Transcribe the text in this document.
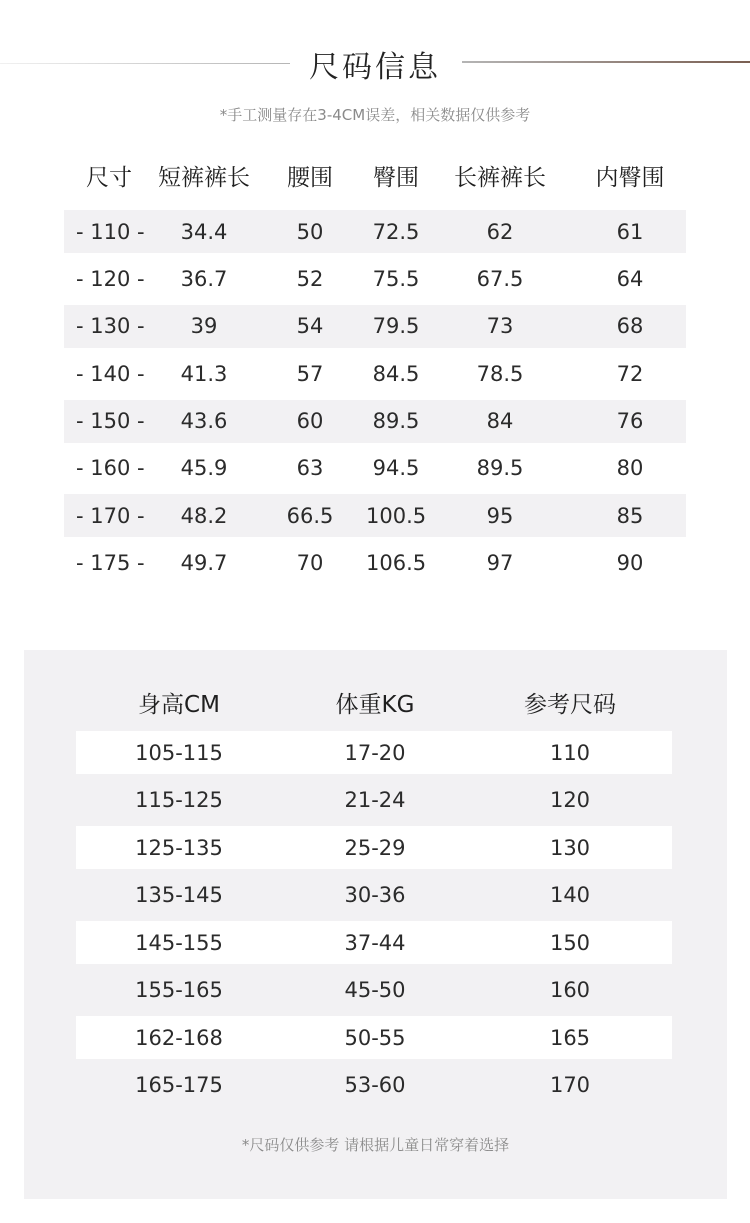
尺码信息
*手工测量存在3-4CM误差，相关数据仅供参考
尺寸	短裤裤长	腰围	臀围	长裤裤长	内臀围
- 110 -	34.4	50	72.5	62	61
- 120 -	36.7	52	75.5	67.5	64
- 130 -	39	54	79.5	73	68
- 140 -	41.3	57	84.5	78.5	72
- 150 -	43.6	60	89.5	84	76
- 160 -	45.9	63	94.5	89.5	80
- 170 -	48.2	66.5	100.5	95	85
- 175 -	49.7	70	106.5	97	90
身高CM	体重KG	参考尺码
105-115	17-20	110
115-125	21-24	120
125-135	25-29	130
135-145	30-36	140
145-155	37-44	150
155-165	45-50	160
162-168	50-55	165
165-175	53-60	170
*尺码仅供参考 请根据儿童日常穿着选择
